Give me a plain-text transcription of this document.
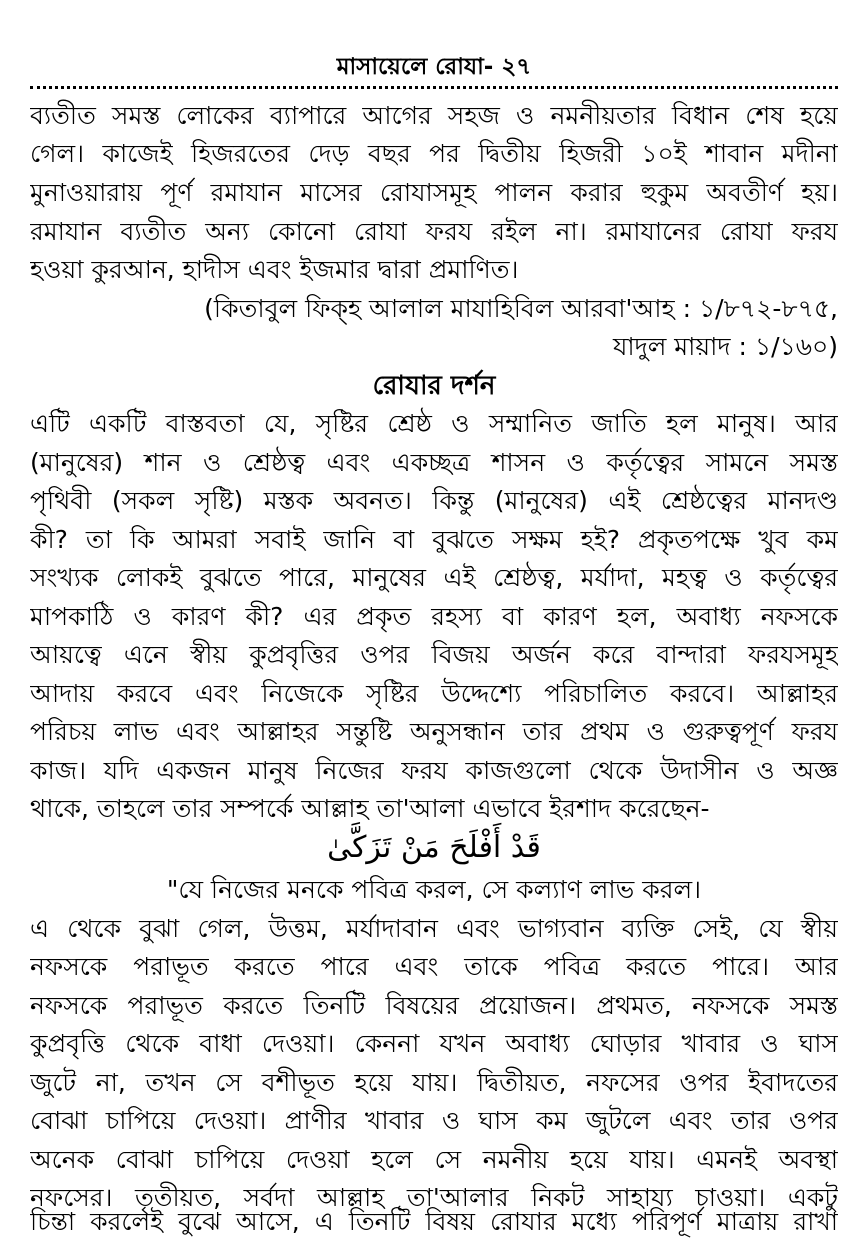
মাসায়েলে রোযা- ২৭
ব্যতীত সমস্ত লোকের ব্যাপারে আগের সহজ ও নমনীয়তার বিধান শেষ হয়ে
গেল। কাজেই হিজরতের দেড় বছর পর দ্বিতীয় হিজরী ১০ই শাবান মদীনা
মুনাওয়ারায় পূর্ণ রমাযান মাসের রোযাসমূহ পালন করার হুকুম অবতীর্ণ হয়।
রমাযান ব্যতীত অন্য কোনো রোযা ফরয রইল না। রমাযানের রোযা ফরয
হওয়া কুরআন, হাদীস এবং ইজমার দ্বারা প্রমাণিত।
(কিতাবুল ফিক্‌হ আলাল মাযাহিবিল আরবা'আহ : ১/৮৭২-৮৭৫,
যাদুল মায়াদ : ১/১৬০)
রোযার দর্শন
এটি একটি বাস্তবতা যে, সৃষ্টির শ্রেষ্ঠ ও সম্মানিত জাতি হল মানুষ। আর
(মানুষের) শান ও শ্রেষ্ঠত্ব এবং একচ্ছত্র শাসন ও কর্তৃত্বের সামনে সমস্ত
পৃথিবী (সকল সৃষ্টি) মস্তক অবনত। কিন্তু (মানুষের) এই শ্রেষ্ঠত্বের মানদণ্ড
কী? তা কি আমরা সবাই জানি বা বুঝতে সক্ষম হই? প্রকৃতপক্ষে খুব কম
সংখ্যক লোকই বুঝতে পারে, মানুষের এই শ্রেষ্ঠত্ব, মর্যাদা, মহত্ব ও কর্তৃত্বের
মাপকাঠি ও কারণ কী? এর প্রকৃত রহস্য বা কারণ হল, অবাধ্য নফসকে
আয়ত্বে এনে স্বীয় কুপ্রবৃত্তির ওপর বিজয় অর্জন করে বান্দারা ফরযসমূহ
আদায় করবে এবং নিজেকে সৃষ্টির উদ্দেশ্যে পরিচালিত করবে। আল্লাহর
পরিচয় লাভ এবং আল্লাহর সন্তুষ্টি অনুসন্ধান তার প্রথম ও গুরুত্বপূর্ণ ফরয
কাজ। যদি একজন মানুষ নিজের ফরয কাজগুলো থেকে উদাসীন ও অজ্ঞ
থাকে, তাহলে তার সম্পর্কে আল্লাহ তা'আলা এভাবে ইরশাদ করেছেন-
قَدْ أَفْلَحَ مَنْ تَزَكَّىٰ
"যে নিজের মনকে পবিত্র করল, সে কল্যাণ লাভ করল।
এ থেকে বুঝা গেল, উত্তম, মর্যাদাবান এবং ভাগ্যবান ব্যক্তি সেই, যে স্বীয়
নফসকে পরাভূত করতে পারে এবং তাকে পবিত্র করতে পারে। আর
নফসকে পরাভূত করতে তিনটি বিষয়ের প্রয়োজন। প্রথমত, নফসকে সমস্ত
কুপ্রবৃত্তি থেকে বাধা দেওয়া। কেননা যখন অবাধ্য ঘোড়ার খাবার ও ঘাস
জুটে না, তখন সে বশীভূত হয়ে যায়। দ্বিতীয়ত, নফসের ওপর ইবাদতের
বোঝা চাপিয়ে দেওয়া। প্রাণীর খাবার ও ঘাস কম জুটলে এবং তার ওপর
অনেক বোঝা চাপিয়ে দেওয়া হলে সে নমনীয় হয়ে যায়। এমনই অবস্থা
নফসের। তৃতীয়ত, সর্বদা আল্লাহ তা'আলার নিকট সাহায্য চাওয়া। একটু
চিন্তা করলেই বুঝে আসে, এ তিনটি বিষয় রোযার মধ্যে পরিপূর্ণ মাত্রায় রাখা
